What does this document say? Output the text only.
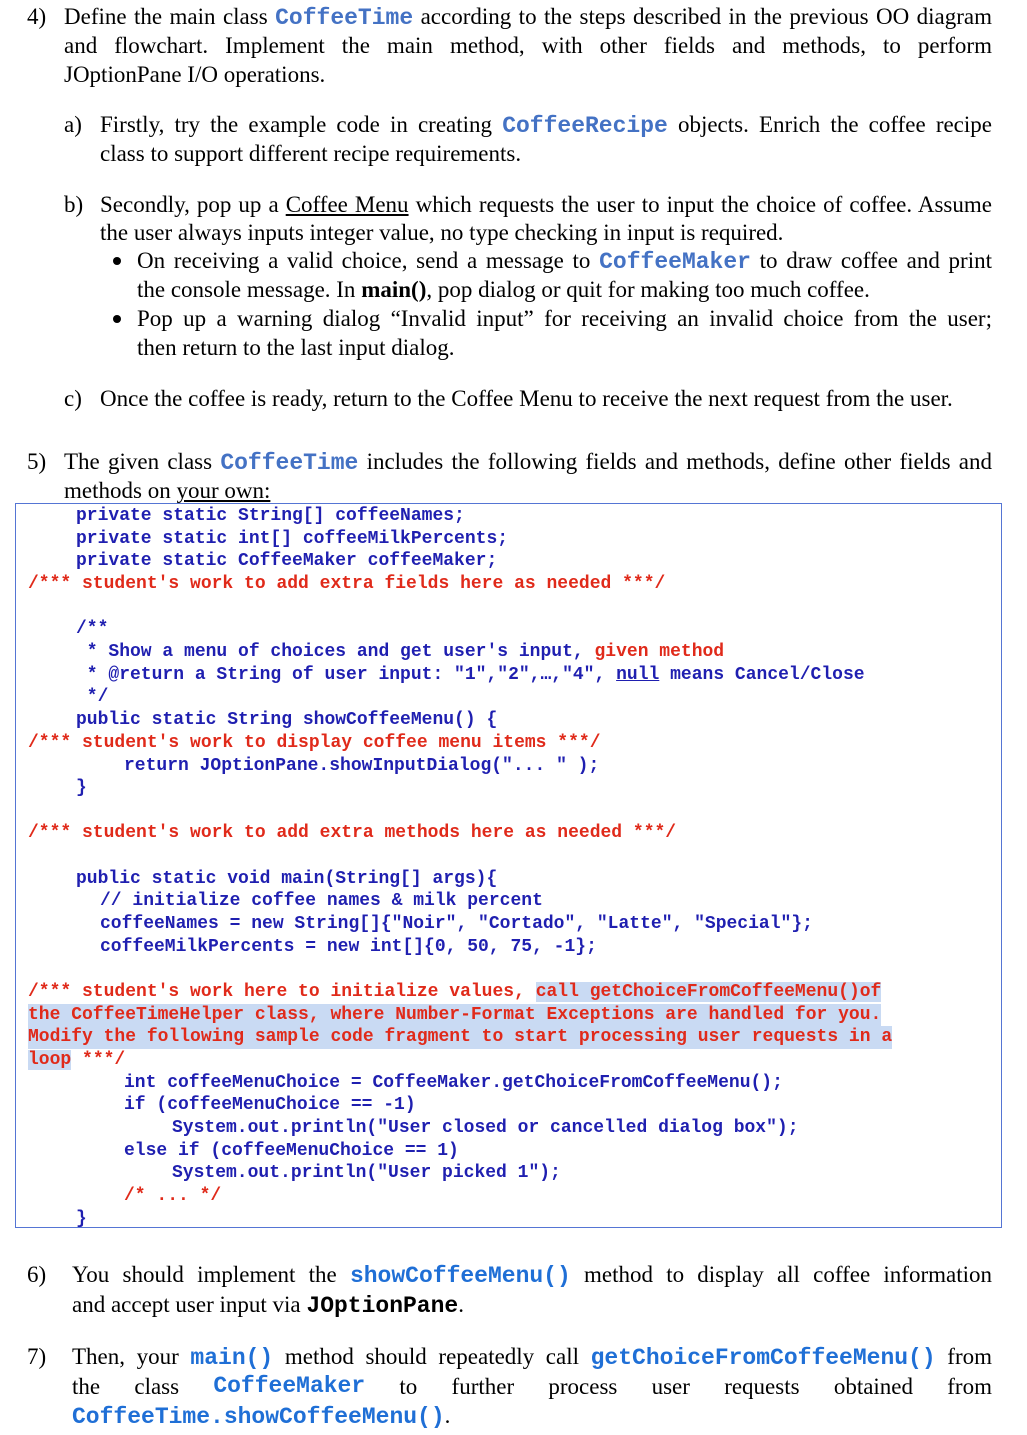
4) Define the main class CoffeeTime according to the steps described in the previous OO diagram
and flowchart. Implement the main method, with other fields and methods, to perform
JOptionPane I/O operations.
a) Firstly, try the example code in creating CoffeeRecipe objects. Enrich the coffee recipe
class to support different recipe requirements.
b) Secondly, pop up a Coffee Menu which requests the user to input the choice of coffee. Assume
the user always inputs integer value, no type checking in input is required.
On receiving a valid choice, send a message to CoffeeMaker to draw coffee and print
the console message. In main(), pop dialog or quit for making too much coffee.
Pop up a warning dialog “Invalid input” for receiving an invalid choice from the user;
then return to the last input dialog.
c) Once the coffee is ready, return to the Coffee Menu to receive the next request from the user.
5) The given class CoffeeTime includes the following fields and methods, define other fields and
methods on your own:
private static String[] coffeeNames;
private static int[] coffeeMilkPercents;
private static CoffeeMaker coffeeMaker;
/*** student's work to add extra fields here as needed ***/
/**
* Show a menu of choices and get user's input, given method
* @return a String of user input: "1","2",…,"4", null means Cancel/Close
*/
public static String showCoffeeMenu() {
/*** student's work to display coffee menu items ***/
return JOptionPane.showInputDialog("... " );
}
/*** student's work to add extra methods here as needed ***/
public static void main(String[] args){
// initialize coffee names & milk percent
coffeeNames = new String[]{"Noir", "Cortado", "Latte", "Special"};
coffeeMilkPercents = new int[]{0, 50, 75, -1};
/*** student's work here to initialize values, call getChoiceFromCoffeeMenu()of
the CoffeeTimeHelper class, where Number-Format Exceptions are handled for you.
Modify the following sample code fragment to start processing user requests in a
loop ***/
int coffeeMenuChoice = CoffeeMaker.getChoiceFromCoffeeMenu();
if (coffeeMenuChoice == -1)
System.out.println("User closed or cancelled dialog box");
else if (coffeeMenuChoice == 1)
System.out.println("User picked 1");
/* ... */
}
6) You should implement the showCoffeeMenu() method to display all coffee information
and accept user input via JOptionPane.
7) Then, your main() method should repeatedly call getChoiceFromCoffeeMenu() from
the class CoffeeMaker to further process user requests obtained from
CoffeeTime.showCoffeeMenu().
